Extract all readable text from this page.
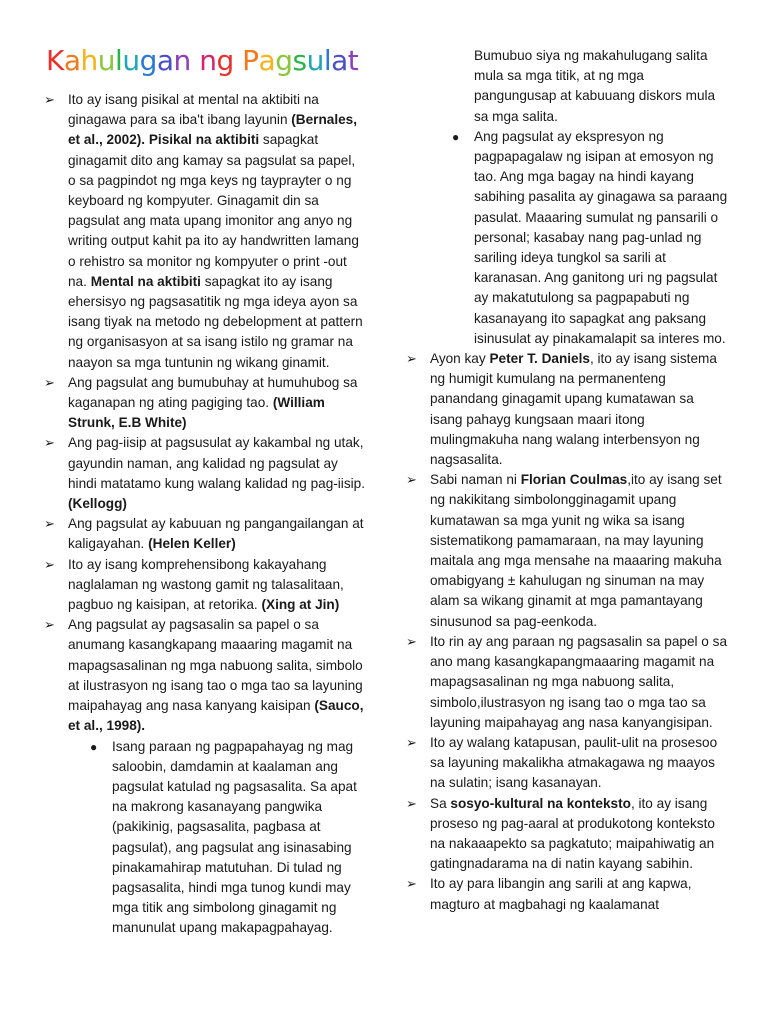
Kahulugan ng Pagsulat
➢ Ito ay isang pisikal at mental na aktibiti na ginagawa para sa iba't ibang layunin (Bernales, et al., 2002). Pisikal na aktibiti sapagkat ginagamit dito ang kamay sa pagsulat sa papel, o sa pagpindot ng mga keys ng tayprayter o ng keyboard ng kompyuter. Ginagamit din sa pagsulat ang mata upang imonitor ang anyo ng writing output kahit pa ito ay handwritten lamang o rehistro sa monitor ng kompyuter o print -out na. Mental na aktibiti sapagkat ito ay isang ehersisyo ng pagsasatitik ng mga ideya ayon sa isang tiyak na metodo ng debelopment at pattern ng organisasyon at sa isang istilo ng gramar na naayon sa mga tuntunin ng wikang ginamit.
➢ Ang pagsulat ang bumubuhay at humuhubog sa kaganapan ng ating pagiging tao. (William Strunk, E.B White)
➢ Ang pag-iisip at pagsusulat ay kakambal ng utak, gayundin naman, ang kalidad ng pagsulat ay hindi matatamo kung walang kalidad ng pag-iisip. (Kellogg)
➢ Ang pagsulat ay kabuuan ng pangangailangan at kaligayahan. (Helen Keller)
➢ Ito ay isang komprehensibong kakayahang naglalaman ng wastong gamit ng talasalitaan, pagbuo ng kaisipan, at retorika. (Xing at Jin)
➢ Ang pagsulat ay pagsasalin sa papel o sa anumang kasangkapang maaaring magamit na mapagsasalinan ng mga nabuong salita, simbolo at ilustrasyon ng isang tao o mga tao sa layuning maipahayag ang nasa kanyang kaisipan (Sauco, et al., 1998).
● Isang paraan ng pagpapahayag ng mag saloobin, damdamin at kaalaman ang pagsulat katulad ng pagsasalita. Sa apat na makrong kasanayang pangwika (pakikinig, pagsasalita, pagbasa at pagsulat), ang pagsulat ang isinasabing pinakamahirap matutuhan. Di tulad ng pagsasalita, hindi mga tunog kundi may mga titik ang simbolong ginagamit ng manunulat upang makapagpahayag.
Bumubuo siya ng makahulugang salita mula sa mga titik, at ng mga pangungusap at kabuuang diskors mula sa mga salita.
● Ang pagsulat ay ekspresyon ng pagpapagalaw ng isipan at emosyon ng tao. Ang mga bagay na hindi kayang sabihing pasalita ay ginagawa sa paraang pasulat. Maaaring sumulat ng pansarili o personal; kasabay nang pag-unlad ng sariling ideya tungkol sa sarili at karanasan. Ang ganitong uri ng pagsulat ay makatutulong sa pagpapabuti ng kasanayang ito sapagkat ang paksang isinusulat ay pinakamalapit sa interes mo.
➢ Ayon kay Peter T. Daniels, ito ay isang sistema ng humigit kumulang na permanenteng panandang ginagamit upang kumatawan sa isang pahayg kungsaan maari itong mulingmakuha nang walang interbensyon ng nagsasalita.
➢ Sabi naman ni Florian Coulmas,ito ay isang set ng nakikitang simbolongginagamit upang kumatawan sa mga yunit ng wika sa isang sistematikong pamamaraan, na may layuning maitala ang mga mensahe na maaaring makuha omabigyang ± kahulugan ng sinuman na may alam sa wikang ginamit at mga pamantayang sinusunod sa pag-eenkoda.
➢ Ito rin ay ang paraan ng pagsasalin sa papel o sa ano mang kasangkapangmaaaring magamit na mapagsasalinan ng mga nabuong salita, simbolo,ilustrasyon ng isang tao o mga tao sa layuning maipahayag ang nasa kanyangisipan.
➢ Ito ay walang katapusan, paulit-ulit na prosesoo sa layuning makalikha atmakagawa ng maayos na sulatin; isang kasanayan.
➢ Sa sosyo-kultural na konteksto, ito ay isang proseso ng pag-aaral at produkotong konteksto na nakaaapekto sa pagkatuto; maipahiwatig an gatingnadarama na di natin kayang sabihin.
➢ Ito ay para libangin ang sarili at ang kapwa, magturo at magbahagi ng kaalamanat
